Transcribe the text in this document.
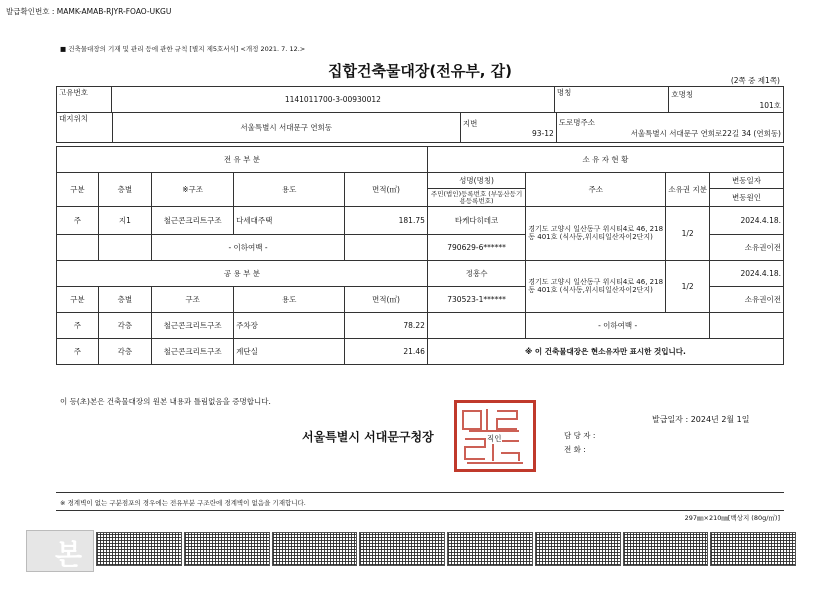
발급확인번호 : MAMK-AMAB-RJYR-FOAO-UKGU
■ 건축물대장의 기재 및 관리 등에 관한 규칙 [별지 제5호서식] <개정 2021. 7. 12.>
집합건축물대장(전유부, 갑)
(2쪽 중 제1쪽)
고유번호	1141011700-3-00930012	명칭	호명칭
101호
대지위치	서울특별시 서대문구 연희동	지번
93-12

도로명주소
서울특별시 서대문구 연희로22길 34 (연희동)
전 유 부 분					소 유 자 현 황			
구분	층별	※구조	용도	면적(㎡)	성명(명칭)	주소	소유권 지분	변동일자
					주민(법인)등록번호 (부동산등기용등록번호)			변동원인
주	지1	철근콘크리트구조	다세대주택	181.75	타케다히데코	경기도 고양시 일산동구 위시티4로 46, 218동 401호 (식사동,위시티일산자이2단지)	1/2	2024.4.18.
		- 이하여백 -			790629-6******			소유권이전
공 용 부 분					정흥수	경기도 고양시 일산동구 위시티4로 46, 218동 401호 (식사동,위시티일산자이2단지)	1/2	2024.4.18.
구분	층별	구조	용도	면적(㎡)	730523-1******			소유권이전
주	각층	철근콘크리트구조	주차장	78.22		- 이하여백 -		
주	각층	철근콘크리트구조	계단실	21.46	※ 이 건축물대장은 현소유자만 표시한 것입니다.			
이 등(초)본은 건축물대장의 원본 내용과 틀림없음을 증명합니다.
발급일자 : 2024년 2월 1일
서울특별시 서대문구청장	직인	담 당 자 :
전 화 :
※ 경계벽이 없는 구분점포의 경우에는 전유부분 구조란에 경계벽이 없음을 기재합니다.
297㎜×210㎜[백상지 (80g/㎡)]
본
